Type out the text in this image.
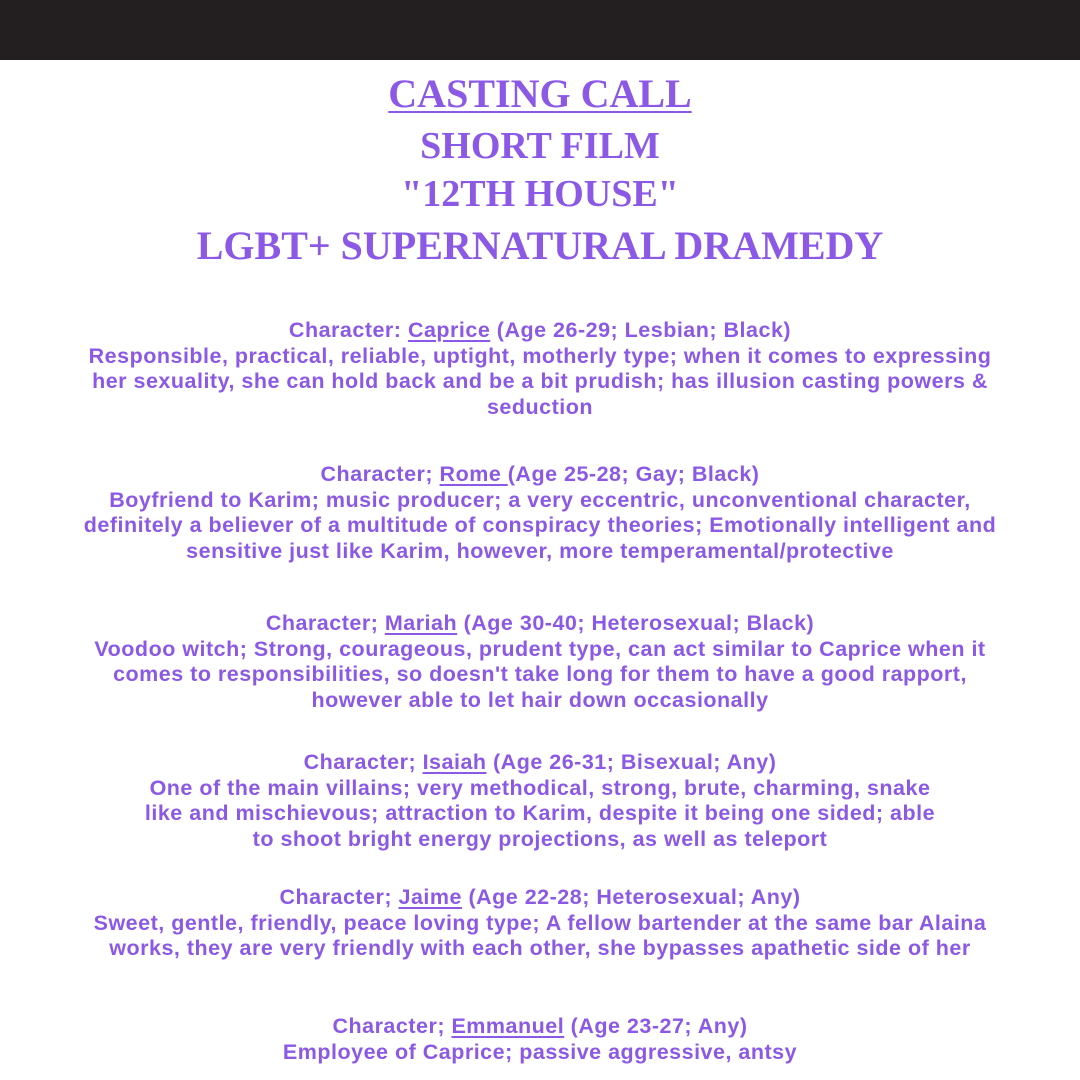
CASTING CALL
SHORT FILM
"12TH HOUSE"
LGBT+ SUPERNATURAL DRAMEDY
Character: Caprice (Age 26-29; Lesbian; Black)
Responsible, practical, reliable, uptight, motherly type; when it comes to expressing
her sexuality, she can hold back and be a bit prudish; has illusion casting powers &
seduction
Character; Rome (Age 25-28; Gay; Black)
Boyfriend to Karim; music producer; a very eccentric, unconventional character,
definitely a believer of a multitude of conspiracy theories; Emotionally intelligent and
sensitive just like Karim, however, more temperamental/protective
Character; Mariah (Age 30-40; Heterosexual; Black)
Voodoo witch; Strong, courageous, prudent type, can act similar to Caprice when it
comes to responsibilities, so doesn't take long for them to have a good rapport,
however able to let hair down occasionally
Character; Isaiah (Age 26-31; Bisexual; Any)
One of the main villains; very methodical, strong, brute, charming, snake
like and mischievous; attraction to Karim, despite it being one sided; able
to shoot bright energy projections, as well as teleport
Character; Jaime (Age 22-28; Heterosexual; Any)
Sweet, gentle, friendly, peace loving type; A fellow bartender at the same bar Alaina
works, they are very friendly with each other, she bypasses apathetic side of her
Character; Emmanuel (Age 23-27; Any)
Employee of Caprice; passive aggressive, antsy
